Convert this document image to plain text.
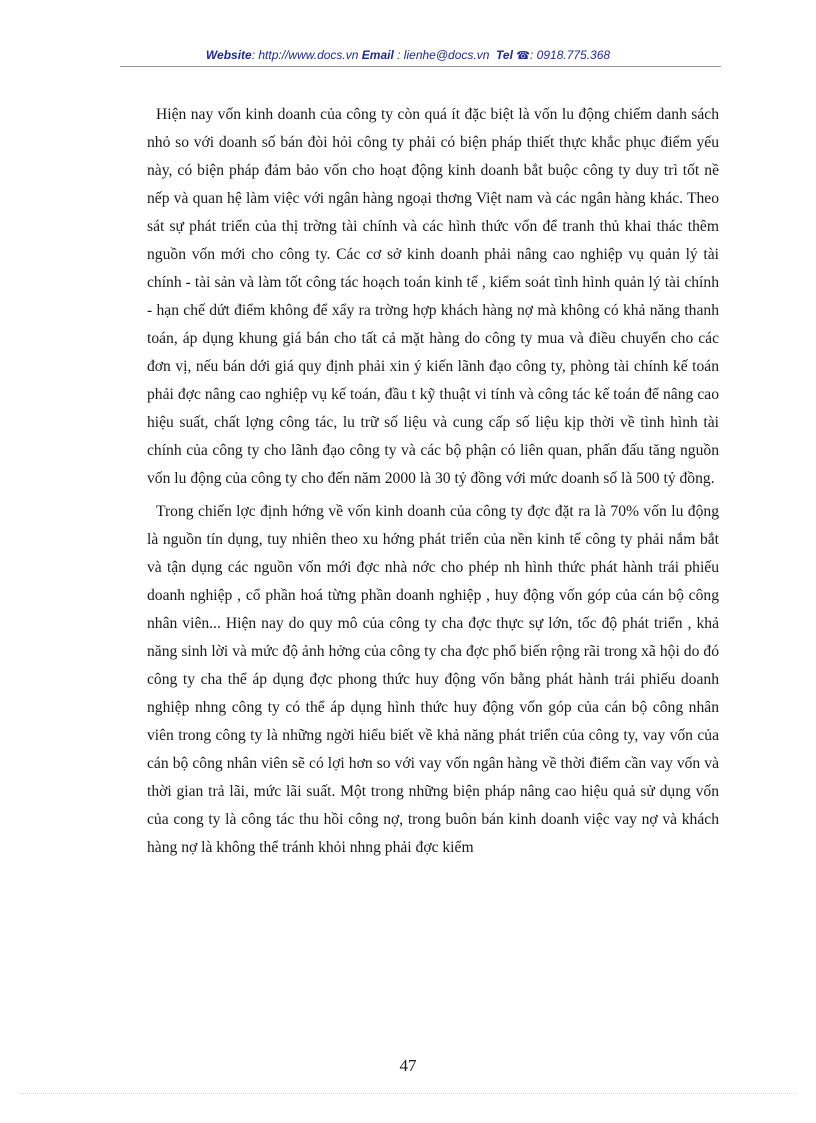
Website: http://www.docs.vn Email : lienhe@docs.vn Tel ☎: 0918.775.368

Hiện nay vốn kinh doanh của công ty còn quá ít đặc biệt là vốn lu động chiếm danh sách nhỏ so với doanh số bán đòi hỏi công ty phải có biện pháp thiết thực khắc phục điểm yếu này, có biện pháp đảm bảo vốn cho hoạt động kinh doanh bắt buộc công ty duy trì tốt nề nếp và quan hệ làm việc với ngân hàng ngoại thơng Việt nam và các ngân hàng khác. Theo sát sự phát triển của thị trờng tài chính và các hình thức vốn để tranh thủ khai thác thêm nguồn vốn mới cho công ty. Các cơ sở kinh doanh phải nâng cao nghiệp vụ quản lý tài chính - tài sản và làm tốt công tác hoạch toán kinh tế , kiểm soát tình hình quản lý tài chính - hạn chế dứt điểm không để xẩy ra trờng hợp khách hàng nợ mà không có khả năng thanh toán, áp dụng khung giá bán cho tất cả mặt hàng do công ty mua và điều chuyển cho các đơn vị, nếu bán dới giá quy định phải xin ý kiến lãnh đạo công ty, phòng tài chính kế toán phải đợc nâng cao nghiệp vụ kế toán, đầu t kỹ thuật vi tính và công tác kế toán để nâng cao hiệu suất, chất lợng công tác, lu trữ số liệu và cung cấp số liệu kịp thời về tình hình tài chính của công ty cho lãnh đạo công ty và các bộ phận có liên quan, phấn đấu tăng nguồn vốn lu động của công ty cho đến năm 2000 là 30 tỷ đồng với mức doanh số là 500 tỷ đồng.

Trong chiến lợc định hớng về vốn kinh doanh của công ty đợc đặt ra là 70% vốn lu động là nguồn tín dụng, tuy nhiên theo xu hớng phát triển của nền kinh tế công ty phải nắm bắt và tận dụng các nguồn vốn mới đợc nhà nớc cho phép nh hình thức phát hành trái phiếu doanh nghiệp , cổ phần hoá từng phần doanh nghiệp , huy động vốn góp của cán bộ công nhân viên... Hiện nay do quy mô của công ty cha đợc thực sự lớn, tốc độ phát triển , khả năng sinh lời và mức độ ảnh hởng của công ty cha đợc phổ biến rộng rãi trong xã hội do đó công ty cha thể áp dụng đợc phong thức huy động vốn bằng phát hành trái phiếu doanh nghiệp nhng công ty có thể áp dụng hình thức huy động vốn góp của cán bộ công nhân viên trong công ty là những ngời hiểu biết về khả năng phát triển của công ty, vay vốn của cán bộ công nhân viên sẽ có lợi hơn so với vay vốn ngân hàng về thời điểm cần vay vốn và thời gian trả lãi, mức lãi suất. Một trong những biện pháp nâng cao hiệu quả sử dụng vốn của cong ty là công tác thu hồi công nợ, trong buôn bán kinh doanh việc vay nợ và khách hàng nợ là không thể tránh khỏi nhng phải đợc kiểm

47
